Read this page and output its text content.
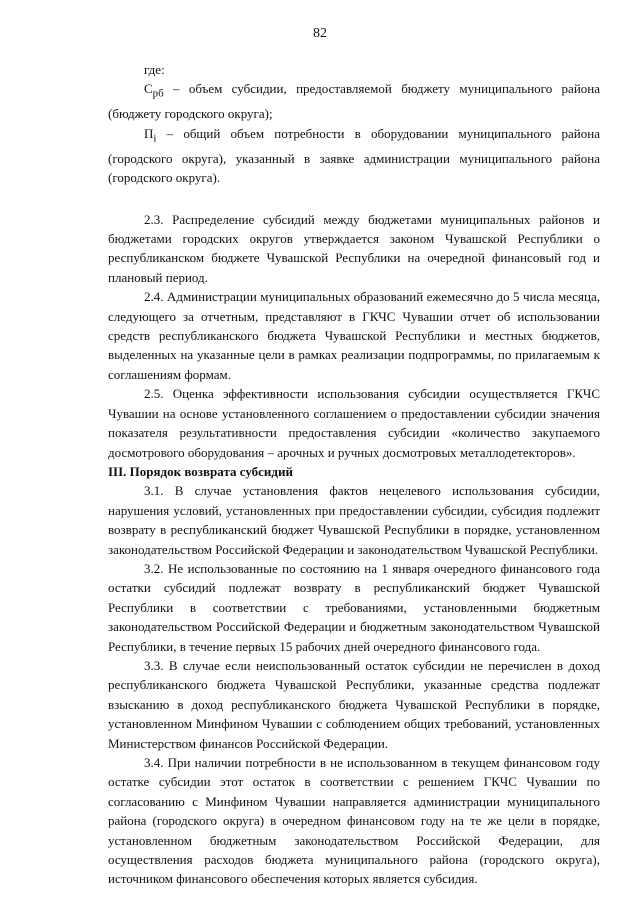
82

где:

$С_{рб}$ – объем субсидии, предоставляемой бюджету муниципального района (бюджету городского округа);

$П_i$ – общий объем потребности в оборудовании муниципального района (городского округа), указанный в заявке администрации муниципального района (городского округа).

2.3. Распределение субсидий между бюджетами муниципальных районов и бюджетами городских округов утверждается законом Чувашской Республики о республиканском бюджете Чувашской Республики на очередной финансовый год и плановый период.

2.4. Администрации муниципальных образований ежемесячно до 5 числа месяца, следующего за отчетным, представляют в ГКЧС Чувашии отчет об использовании средств республиканского бюджета Чувашской Республики и местных бюджетов, выделенных на указанные цели в рамках реализации подпрограммы, по прилагаемым к соглашениям формам.

2.5. Оценка эффективности использования субсидии осуществляется ГКЧС Чувашии на основе установленного соглашением о предоставлении субсидии значения показателя результативности предоставления субсидии «количество закупаемого досмотрового оборудования – арочных и ручных досмотровых металлодетекторов».

III. Порядок возврата субсидий

3.1. В случае установления фактов нецелевого использования субсидии, нарушения условий, установленных при предоставлении субсидии, субсидия подлежит возврату в республиканский бюджет Чувашской Республики в порядке, установленном законодательством Российской Федерации и законодательством Чувашской Республики.

3.2. Не использованные по состоянию на 1 января очередного финансового года остатки субсидий подлежат возврату в республиканский бюджет Чувашской Республики в соответствии с требованиями, установленными бюджетным законодательством Российской Федерации и бюджетным законодательством Чувашской Республики, в течение первых 15 рабочих дней очередного финансового года.

3.3. В случае если неиспользованный остаток субсидии не перечислен в доход республиканского бюджета Чувашской Республики, указанные средства подлежат взысканию в доход республиканского бюджета Чувашской Республики в порядке, установленном Минфином Чувашии с соблюдением общих требований, установленных Министерством финансов Российской Федерации.

3.4. При наличии потребности в не использованном в текущем финансовом году остатке субсидии этот остаток в соответствии с решением ГКЧС Чувашии по согласованию с Минфином Чувашии направляется администрации муниципального района (городского округа) в очередном финансовом году на те же цели в порядке, установленном бюджетным законодательством Российской Федерации, для осуществления расходов бюджета муниципального района (городского округа), источником финансового обеспечения которых является субсидия.
